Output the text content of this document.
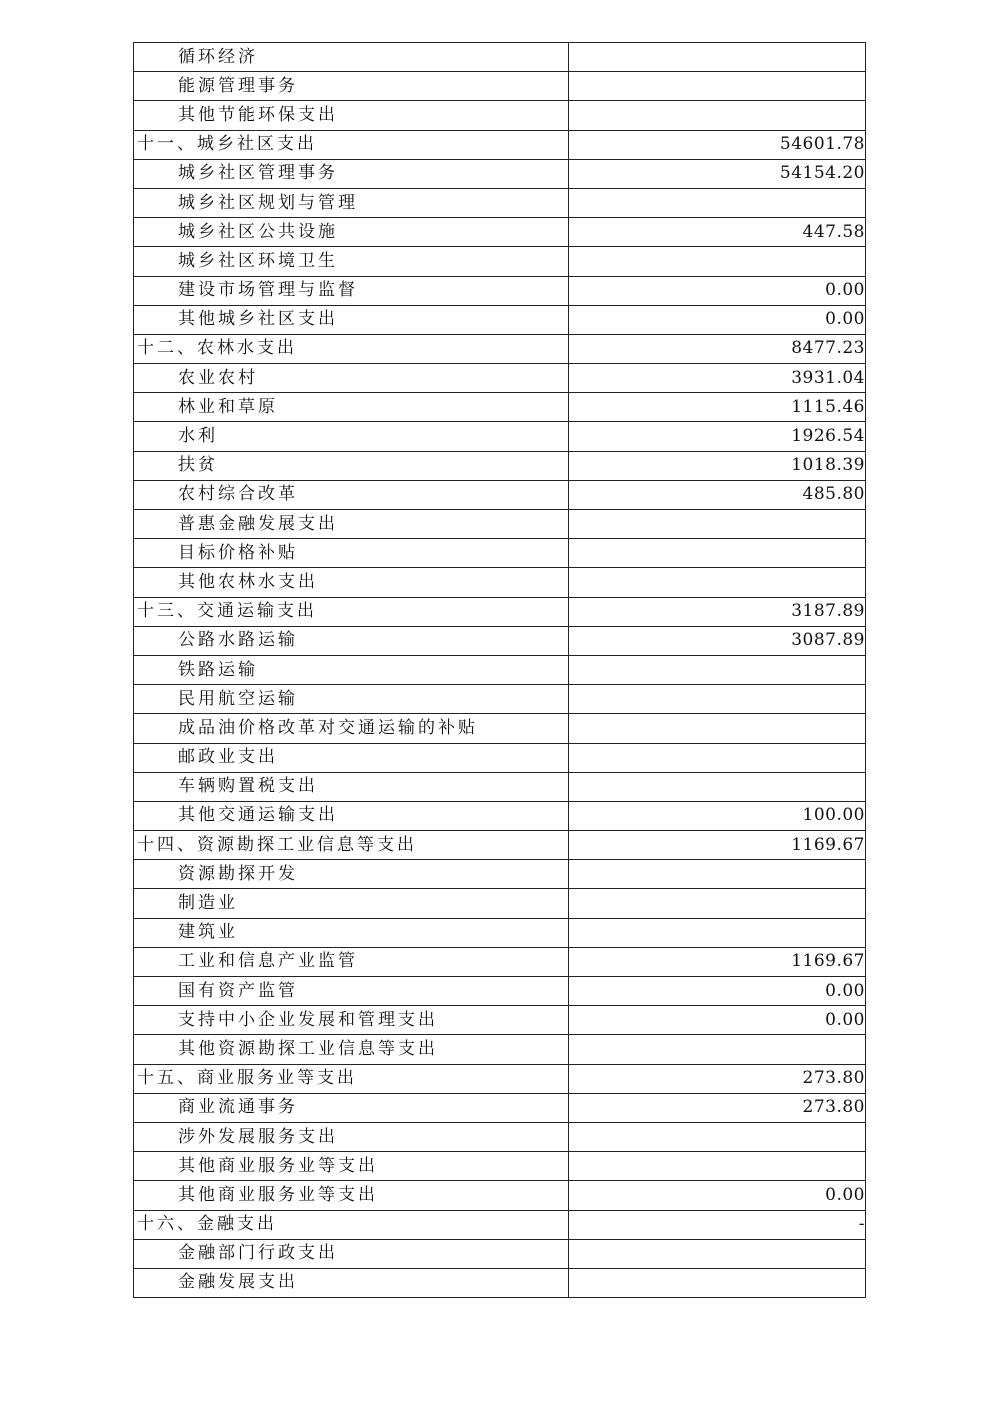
循环经济	
能源管理事务	
其他节能环保支出	
十一、城乡社区支出	54601.78
城乡社区管理事务	54154.20
城乡社区规划与管理	
城乡社区公共设施	447.58
城乡社区环境卫生	
建设市场管理与监督	0.00
其他城乡社区支出	0.00
十二、农林水支出	8477.23
农业农村	3931.04
林业和草原	1115.46
水利	1926.54
扶贫	1018.39
农村综合改革	485.80
普惠金融发展支出	
目标价格补贴	
其他农林水支出	
十三、交通运输支出	3187.89
公路水路运输	3087.89
铁路运输	
民用航空运输	
成品油价格改革对交通运输的补贴	
邮政业支出	
车辆购置税支出	
其他交通运输支出	100.00
十四、资源勘探工业信息等支出	1169.67
资源勘探开发	
制造业	
建筑业	
工业和信息产业监管	1169.67
国有资产监管	0.00
支持中小企业发展和管理支出	0.00
其他资源勘探工业信息等支出	
十五、商业服务业等支出	273.80
商业流通事务	273.80
涉外发展服务支出	
其他商业服务业等支出	
其他商业服务业等支出	0.00
十六、金融支出	-
金融部门行政支出	
金融发展支出	
